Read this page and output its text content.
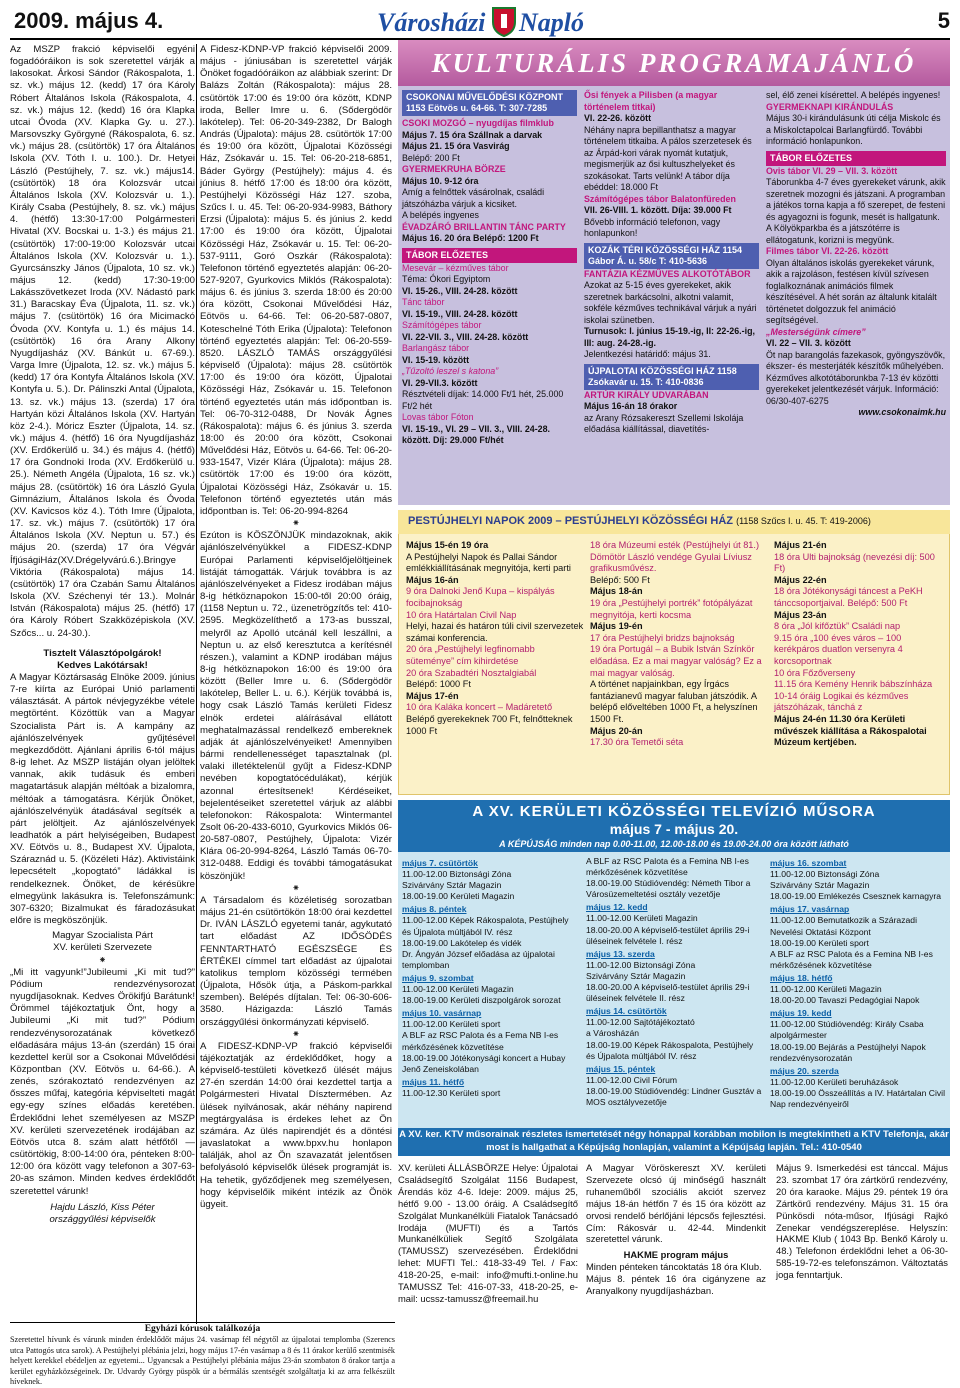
2009. május 4.	Városházi Napló	5

Az MSZP frakció képviselői egyéni fogadóóráikon is sok szeretettel várják a lakosokat. Árkosi Sándor (Rákospalota, 1. sz. vk.) május 12. (kedd) 17 óra Károly Róbert Általános Iskola (Rákospalota, 4. sz. vk.) május 12. (kedd) 16 óra Klapka utcai Óvoda (XV. Klapka Gy. u. 27.). Marsovszky Györgyné (Rákospalota, 6. sz. vk.) május 28. (csütörtök) 17 óra Általános Iskola (XV. Tóth I. u. 100.). Dr. Hetyei László (Pestújhely, 7. sz. vk.) május14. (csütörtök) 18 óra Kolozsvár utcai Általános Iskola (XV. Kolozsvár u. 1.). Király Csaba (Pestújhely, 8. sz. vk.) május 4. (hétfő) 13:30-17:00 Polgármesteri Hivatal (XV. Bocskai u. 1-3.) és május 21. (csütörtök) 17:00-19:00 Kolozsvár utcai Általános Iskola (XV. Kolozsvár u. 1.). Gyurcsánszky János (Újpalota, 10 sz. vk.) május 12. (kedd) 17:30-19:00 Lakásszövetkezet Iroda (XV. Nádastó park 31.) Baracskay Éva (Újpalota, 11. sz. vk.) május 7. (csütörtök) 16 óra Micimackó Óvoda (XV. Kontyfa u. 1.) és május 14. (csütörtök) 16 óra Arany Alkony Nyugdíjasház (XV. Bánkút u. 67-69.). Varga Imre (Újpalota, 12. sz. vk.) május 5. (kedd) 17 óra Kontyfa Általános Iskola (XV. Kontyfa u. 5.). Dr. Pálinszki Antal (Újpalota, 13. sz. vk.) május 13. (szerda) 17 óra Hartyán közi Általános Iskola (XV. Hartyán köz 2-4.). Móricz Eszter (Újpalota, 14. sz. vk.) május 4. (hétfő) 16 óra Nyugdíjasház (XV. Erdőkerülő u. 34.) és május 4. (hétfő) 17 óra Gondnoki Iroda (XV. Erdőkerülő u. 25.). Németh Angéla (Újpalota, 16 sz. vk.) május 28. (csütörtök) 16 óra László Gyula Gimnázium, Általános Iskola és Óvoda (XV. Kavicsos köz 4.). Tóth Imre (Újpalota, 17. sz. vk.) május 7. (csütörtök) 17 óra Általános Iskola (XV. Neptun u. 57.) és május 20. (szerda) 17 óra Végvár ÍfjúságiHáz(XV.Drégelyvárú.6.).Bringye Viktória (Rákospalota) május 14. (csütörtök) 17 óra Czabán Samu Általános Iskola (XV. Széchenyi tér 13.). Molnár István (Rákospalota) május 25. (hétfő) 17 óra Károly Róbert Szakközépiskola (XV. Szőcs... u. 24-30.).

Tisztelt Választópolgárok!

Kedves Lakótársak!

A Magyar Köztársaság Elnöke 2009. június 7-re kiírta az Európai Unió parlamenti választását. A pártok névjegyzékbe vétele megtörtént. Közöttük van a Magyar Szocialista Párt is. A kampány az ajánlószelvények gyűjtésével megkezdődött. Ajánlani április 6-tól május 8-ig lehet. Az MSZP listáján olyan jelöltek vannak, akik tudásuk és emberi magatartásuk alapján méltóak a bizalomra, méltóak a támogatásra. Kérjük Önöket, ajánlószelvényük átadásával segítsék a párt jelöltjeit. Az ajánlószelvények leadhatók a párt helyiségeiben, Budapest XV. Eötvös u. 8., Budapest XV. Újpalota, Száraznád u. 5. (Közéleti Ház). Aktivistáink lepecsételt „kopogtató” ládákkal is rendelkeznek. Önöket, de kérésükre elmegyünk lakásukra is. Telefonszámunk: 307-6320; Bizalmukat és fáradozásukat előre is megköszönjük.

Magyar Szocialista Párt

XV. kerületi Szervezete

⁕

„Mi itt vagyunk!”Jubileumi „Ki mit tud?” Pódium rendezvénysorozat nyugdíjasoknak. Kedves Örökifjú Barátunk! Örömmel tájékoztatjuk Önt, hogy a Jubileumi „Ki mit tud?” Pódium rendezvénysorozatának következő előadására május 13-án (szerdán) 15 órai kezdettel kerül sor a Csokonai Művelődési Központban (XV. Eötvös u. 64-66.). A zenés, szórakoztató rendezvényen az ősszes műfaj, kategória képviselteti magát egy-egy színes előadás keretében. Érdeklődni lehet személyesen az MSZP XV. kerületi szervezetének irodájában az Eötvös utca 8. szám alatt hétfőtől — csütörtökig, 8:00-14:00 óra, pénteken 8:00-12:00 óra között vagy telefonon a 307-63-20-as számon. Minden kedves érdeklődőt szeretettel várunk!

Hajdu László, Kiss Péter

országgyűlési képviselők

A Fidesz-KDNP-VP frakció képviselői 2009. május - júniusában is szeretettel várják Önöket fogadóóráikon az alábbiak szerint: Dr Balázs Zoltán (Rákospalota): május 28. csütörtök 17:00 és 19:00 óra között, KDNP iroda, Beller Imre u. 6. (Sődergödör lakótelep). Tel: 06-20-349-2382, Dr Balogh András (Újpalota): május 28. csütörtök 17:00 és 19:00 óra között, Újpalotai Közösségi Ház, Zsókavár u. 15. Tel: 06-20-218-6851, Báder György (Pestújhely): május 4. és június 8. hétfő 17:00 és 18:00 óra között, Pestújhelyi Közösségi Ház 127. szoba, Szűcs I. u. 45. Tel: 06-20-934-9983, Báthory Erzsi (Újpalota): május 5. és június 2. kedd 17:00 és 19:00 óra között, Újpalotai Közösségi Ház, Zsókavár u. 15. Tel: 06-20-537-9111, Goró Oszkár (Rákospalota): Telefonon történő egyeztetés alapján: 06-20-527-9207, Gyurkovics Miklós (Rákospalota): május 6. és június 3. szerda 18:00 és 20:00 óra között, Csokonai Művelődési Ház, Eötvös u. 64-66. Tel: 06-20-587-0807, Koteschelné Tóth Erika (Újpalota): Telefonon történő egyeztetés alapján: Tel: 06-20-559-8520. LÁSZLÓ TAMÁS országgyűlési képviselő (Újpalota): május 28. csütörtök 17:00 és 19:00 óra között, Újpalotai Közösségi Ház, Zsókavár u. 15. Telefonon történő egyeztetés után más időpontban is. Tel: 06-70-312-0488, Dr Novák Ágnes (Rákospalota): május 6. és június 3. szerda 18:00 és 20:00 óra között, Csokonai Művelődési Ház, Eötvös u. 64-66. Tel: 06-20-933-1547, Vizér Klára (Újpalota): május 28. csütörtök 17:00 és 19:00 óra között, Újpalotai Közösségi Ház, Zsókavár u. 15. Telefonon történő egyeztetés után más időpontban is. Tel: 06-20-994-8264

⁕

Ezúton is KÖSZÖNJÜK mindazoknak, akik ajánlószelvényükkel a FIDESZ-KDNP Európai Parlamenti képviselőjelöltjeinek listáját támogatták. Várjuk továbbra is az ajánlószelvényeket a Fidesz irodában május 8-ig hétköznapokon 15:00-től 20:00 óráig, (1158 Neptun u. 72., üzenetrögzítős tel: 410-2595. Megközelíthető a 173-as busszal, melyről az Apolló utcánál kell leszállni, a Neptun u. az első keresztutca a kerítésnél részen.), valamint a KDNP irodában május 8-ig hétköznapokon 16:00 és 19:00 óra között (Beller Imre u. 6. (Sődergödör lakótelep, Beller L. u. 6.). Kérjük továbbá is, hogy csak László Tamás kerületi Fidesz elnök erdetei aláírásával ellátott meghatalmazással rendelkező embereknek adják át ajánlószelvényeiket! Amennyiben bármi rendellenességet tapasztalnak (pl. valaki illetéktelenül gyűjt a Fidesz-KDNP nevében kopogtatócédulákat), kérjük azonnal értesítsenek! Kérdéseiket, bejelentéseiket szeretettel várjuk az alábbi telefonokon: Rákospalota: Wintermantel Zsolt 06-20-433-6010, Gyurkovics Miklós 06-20-587-0807, Pestújhely, Újpalota: Vizér Klára 06-20-994-8264, László Tamás 06-70-312-0488. Eddigi és további támogatásukat köszönjük!

⁕

A Társadalom és közéletiség sorozatban május 21-én csütörtökön 18:00 órai kezdettel Dr. IVÁN LÁSZLÓ egyetemi tanár, agykutató tart előadást AZ IDŐSÖDÉS FENNTARTHATÓ EGÉSZSÉGE ÉS ÉRTÉKEI címmel tart előadást az újpalotai katolikus templom közösségi termében (Újpalota, Hősök útja, a Páskom-parkkal szemben). Belépés díjtalan. Tel: 06-30-606-3580. Házigazda: László Tamás országgyűlési önkormányzati képviselő.

⁕

A FIDESZ-KDNP-VP frakció képviselői tájékoztatják az érdeklődőket, hogy a képviselő-testületi következő ülését május 27-én szerdán 14:00 órai kezdettel tartja a Polgármesteri Hivatal Dísztermében. Az ülések nyilvánosak, akár néhány napirend megtárgyalása is érdekes lehet az Ön számára. Az ülés napirendjét és a döntési javaslatokat a www.bpxv.hu honlapon találják, ahol az Ön szavazatát jelentősen befolyásoló képviselők ülések programját is. Ha tehetik, győződjenek meg személyesen, hogy képviselőik miként intézik az Önök ügyeit.

KULTURÁLIS PROGRAMAJÁNLÓ
CSOKONAI MŰVELŐDÉSI KÖZPONT 1153 Eötvös u. 64-66. T: 307-7285
CSOKI MOZGÓ – nyugdíjas filmklub
Május 7. 15 óra Szállnak a darvak
Május 21. 15 óra Vasvirág
Belépő: 200 Ft
GYERMEKRUHA BÖRZE
Május 10. 9-12 óra
Amíg a felnőttek vásárolnak, családi játszóházba várjuk a kicsiket.
A belépés ingyenes
ÉVADZÁRÓ BRILLANTIN TÁNC PARTY
Május 16. 20 óra Belépő: 1200 Ft
TÁBOR ELŐZETES
Mesevár – kézműves tábor
Téma: Ókori Egyiptom
VI. 15-26., VIII. 24-28. között
Tánc tábor
VI. 15-19., VIII. 24-28. között
Számítógépes tábor
VI. 22-VII. 3., VIII. 24-28. között
Barlangász tábor
VI. 15-19. között
„Tűzoltó leszel s katona”
VI. 29-VII.3. között
Résztvételi díjak: 14.000 Ft/1 hét, 25.000 Ft/2 hét
Lovas tábor Fóton
VI. 15-19., VI. 29 – VII. 3., VIII. 24-28. között. Díj: 29.000 Ft/hét
Ősi fények a Pilisben (a magyar történelem titkai)
VI. 22-26. között
Néhány napra bepillanthatsz a magyar történelem titkaiba. A pálos szerzetesek és az Árpád-kori várak nyomát kutatjuk, megismerjük az ősi kultuszhelyeket és szokásokat. Tarts velünk! A tábor díja ebéddel: 18.000 Ft
Számítógépes tábor Balatonfüreden
VII. 26-VIII. 1. között. Díja: 39.000 Ft
Bővebb információ telefonon, vagy honlapunkon!
KOZÁK TÉRI KÖZÖSSÉGI HÁZ 1154 Gábor Á. u. 58/c T: 410-5636
FANTÁZIA KÉZMŰVES ALKOTÓTÁBOR
Azokat az 5-15 éves gyerekeket, akik szeretnek barkácsolni, alkotni valamit, sokféle kézműves technikával várjuk a nyári iskolai szünetben.
Turnusok: I. június 15-19.-ig, II: 22-26.-ig, III: aug. 24-28.-ig.
Jelentkezési határidő: május 31.
ÚJPALOTAI KÖZÖSSÉGI HÁZ 1158 Zsókavár u. 15. T: 410-0836
ARTÚR KIRÁLY UDVARÁBAN
Május 16-án 18 órakor
az Arany Rózsakereszt Szellemi Iskolája előadása kiállítással, diavetítés-
sel, élő zenei kísérettel. A belépés ingyenes!
GYERMEKNAPI KIRÁNDULÁS
Május 30-i kirándulásunk úti célja Miskolc és a Miskolctapolcai Barlangfürdő. További információ honlapunkon.
TÁBOR ELŐZETES
Ovis tábor VI. 29 – VII. 3. között
Táborunkba 4-7 éves gyerekeket várunk, akik szeretnek mozogni és játszani. A programban a játékos torna kapja a fő szerepet, de festeni és agyagozni is fogunk, mesét is hallgatunk. A Kölyökparkba és a játszótérre is ellátogatunk, korizni is megyünk.
Filmes tábor VI. 22-26. között
Olyan általános iskolás gyerekeket várunk, akik a rajzoláson, festésen kívül szívesen foglalkoznának animációs filmek készítésével. A hét során az általunk kitalált történetet dolgozzuk fel animáció segítségével.
„Mesterségünk címere”
VI. 22 – VII. 3. között
Öt nap barangolás fazekasok, gyöngyszövők, ékszer- és mesterjáték készítők műhelyében. Kézműves alkotótáborunkba 7-13 év közötti gyerekeket jelentkezését várjuk. Információ: 06/30-407-6275
www.csokonaimk.hu
PESTÚJHELYI NAPOK 2009 – PESTÚJHELYI KÖZÖSSÉGI HÁZ (1158 Szűcs I. u. 45. T: 419-2006)
Május 15-én 19 óra
A Pestújhelyi Napok és Pallai Sándor emlékkiállításának megnyitója, kerti parti
Május 16-án
9 óra Dalnoki Jenő Kupa – kispályás focibajnokság
10 óra Határtalan Civil Nap
Helyi, hazai és határon túli civil szervezetek számai konferencia.
20 óra „Pestújhelyi legfinomabb süteménye” cím kihirdetése
20 óra Szabadtéri Nosztalgiabál
Belépő: 1000 Ft
Május 17-én
10 óra Kaláka koncert – Madáretető
Belépő gyerekeknek 700 Ft, felnőtteknek 1000 Ft
18 óra Múzeumi esték (Pestújhelyi út 81.) Dömötör László vendége Gyulai Líviusz grafikusművész.
Belépő: 500 Ft
Május 18-án
19 óra „Pestújhelyi portrék” fotópályázat megnyitója, kerti kocsma
Május 19-én
17 óra Pestújhelyi bridzs bajnokság
19 óra Portugál – a Bubik István Színkör előadása. Ez a mai magyar valóság? Ez a mai magyar valóság.
A történet napjainkban, egy Írgács fantázianevű magyar faluban játszódik. A belépő előveltében 1000 Ft, a helyszínen 1500 Ft.
Május 20-án
17.30 óra Temetői séta
Május 21-én
18 óra Ulti bajnokság (nevezési díj: 500 Ft)
Május 22-én
18 óra Jótékonysági táncest a PeKH tánccsoportjaival. Belépő: 500 Ft
Május 23-án
8 óra „Jól kifőztük” Családi nap
9.15 óra „100 éves város – 100 kerékpáros duatlon versenyra 4 korcsoportnak
10 óra Főzőverseny
11.15 óra Kemény Henrik bábszínháza
10-14 óráig Logikai és kézműves játszóházak, tánchá z
Május 24-én 11.30 óra Kerületi művészek kiállítása a Rákospalotai Múzeum kertjében.
A XV. KERÜLETI KÖZÖSSÉGI TELEVÍZIÓ MŰSORA
május 7 - május 20.
A KÉPÚJSÁG minden nap 0.00-11.00, 12.00-18.00 és 19.00-24.00 óra között látható
május 7. csütörtök
11.00-12.00 Biztonsági Zóna
Szivárvány Sztár Magazin
18.00-19.00 Kerületi Magazin
május 8. péntek
11.00-12.00 Képek Rákospalota, Pestújhely és Újpalota múltjából IV. rész
18.00-19.00 Lakótelep és vidék
Dr. Ángyán József előadása az újpalotai templomban
május 9. szombat
11.00-12.00 Kerületi Magazin
18.00-19.00 Kerületi diszpolgárok sorozat
május 10. vasárnap
11.00-12.00 Kerületi sport
A BLF az RSC Palota és a Fema NB I-es mérkőzésének közvetítése
18.00-19.00 Jótékonysági koncert a Hubay Jenő Zeneiskolában
május 11. hétfő
11.00-12.30 Kerületi sport
A BLF az RSC Palota és a Femina NB I-es mérkőzésének közvetítése
18.00-19.00 Stúdióvendég: Németh Tibor a Városüzemeltetési osztály vezetője
május 12. kedd
11.00-12.00 Kerületi Magazin
18.00-20.00 A képviselő-testület április 29-i üléseinek felvétele I. rész
május 13. szerda
11.00-12.00 Biztonsági Zóna
Szivárvány Sztár Magazin
18.00-20.00 A képviselő-testület április 29-i üléseinek felvétele II. rész
május 14. csütörtök
11.00-12.00 Sajtótájékoztató
a Városházán
18.00-19.00 Képek Rákospalota, Pestújhely és Újpalota múltjából IV. rész
május 15. péntek
11.00-12.00 Civil Fórum
18.00-19.00 Stúdióvendég: Lindner Gusztáv a MOS osztályvezetője
május 16. szombat
11.00-12.00 Biztonsági Zóna
Szivárvány Sztár Magazin
18.00-19.00 Emlékezés Csesznek karnagyra
május 17. vasárnap
11.00-12.00 Bemutatkozik a Szárazadi Nevelési Oktatási Központ
18.00-19.00 Kerületi sport
A BLF az RSC Palota és a Femina NB I-es mérkőzésének közvetítése
május 18. hétfő
11.00-12.00 Kerületi Magazin
18.00-20.00 Tavaszi Pedagógiai Napok
május 19. kedd
11.00-12.00 Stúdióvendég: Király Csaba alpolgármester
18.00-19.00 Bejárás a Pestújhelyi Napok rendezvénysorozatán
május 20. szerda
11.00-12.00 Kerületi beruházások
18.00-19.00 Összeállítás a IV. Határtalan Civil Nap rendezvényeiről
A XV. ker. KTV műsorainak részletes ismertetését négy hónappal korábban mobilon is megtekintheti a KTV Telefonja, akár most is hallgathat a Képújság honlapján, valamint a Képújság lapján. Tel.: 410-0540
XV. kerületi ÁLLÁSBÖRZE Helye: Újpalotai Családsegítő Szolgálat 1156 Budapest, Árendás köz 4-6. Ideje: 2009. május 25, hétfő 9.00 - 13.00 óráig. A Családsegítő Szolgálat Munkanélküli Fiatalok Tanácsadó Irodája (MUFTI) és a Tartós Munkanélküliek Segítő Szolgálata (TAMUSSZ) szervezésében. Érdeklődni lehet: MUFTI Tel.: 418-33-49 Tel. / Fax: 418-20-25, e-mail: info@mufti.t-online.hu TAMUSSZ Tel: 416-07-33, 418-20-25, e-mail: ucssz-tamussz@freemail.hu

A Magyar Vöröskereszt XV. kerületi Szervezete olcsó új minőségű használt ruhaneműből szociális akciót szervez május 18-án hétfőn 7 és 15 óra között az orvosi rendelő bérlőjáni lépcsős fejlesztési. Cím: Rákosvár u. 42-44. Mindenkit szeretettel várunk.

HAKME program május

Minden pénteken táncoktatás 18 óra Klub.

Május 8. péntek 16 óra cigányzene az Aranyalkony nyugdíjasházban.

Május 9. Ismerkedési est tánccal. Május 23. szombat 17 óra zártkörű rendezvény, 20 óra karaoke. Május 29. péntek 19 óra Zártkörű rendezvény. Május 31. 15 óra Pünkösdi nóta-műsor, Ifjúsági Rajkó Zenekar vendégszereplése. Helyszín: HAKME Klub ( 1043 Bp. Benkő Károly u. 48.) Telefonon érdeklődni lehet a 06-30-585-19-72-es telefonszámon. Változtatás joga fenntartjuk.
Egyházi kórusok találkozója
Szeretettel hívunk és várunk minden érdeklődőt május 24. vasárnap fél négytől az újpalotai templomba (Szerencs utca Pattogós utca sarok). A Pestújhelyi plébánia jelzi, hogy május 17-én vasárnap a 8 és 11 órakor kerülő szentmisék helyett kerekkel ebédeljen az egyetemi... Ugyancsak a Pestújhelyi plébánia május 23-án szombaton 8 órakor tartja a kerület egyházközségeinek. Dr. Udvardy György püspök úr a bérmálás szentségét szolgáltatja ki az arra felkészült híveknek.
